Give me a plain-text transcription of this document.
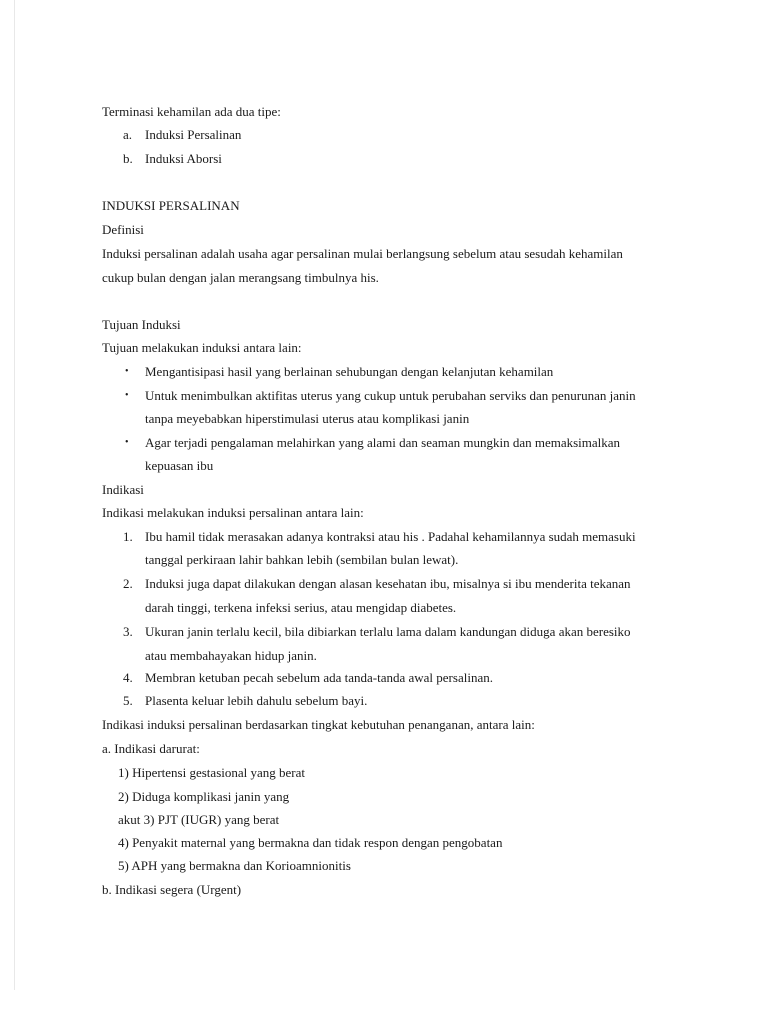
Terminasi kehamilan ada dua tipe:
a. Induksi Persalinan
b. Induksi Aborsi
INDUKSI PERSALINAN
Definisi
Induksi persalinan adalah usaha agar persalinan mulai berlangsung sebelum atau sesudah kehamilan
cukup bulan dengan jalan merangsang timbulnya his.
Tujuan Induksi
Tujuan melakukan induksi antara lain:
• Mengantisipasi hasil yang berlainan sehubungan dengan kelanjutan kehamilan
• Untuk menimbulkan aktifitas uterus yang cukup untuk perubahan serviks dan penurunan janin
tanpa meyebabkan hiperstimulasi uterus atau komplikasi janin
• Agar terjadi pengalaman melahirkan yang alami dan seaman mungkin dan memaksimalkan
kepuasan ibu
Indikasi
Indikasi melakukan induksi persalinan antara lain:
1. Ibu hamil tidak merasakan adanya kontraksi atau his . Padahal kehamilannya sudah memasuki
tanggal perkiraan lahir bahkan lebih (sembilan bulan lewat).
2. Induksi juga dapat dilakukan dengan alasan kesehatan ibu, misalnya si ibu menderita tekanan
darah tinggi, terkena infeksi serius, atau mengidap diabetes.
3. Ukuran janin terlalu kecil, bila dibiarkan terlalu lama dalam kandungan diduga akan beresiko
atau membahayakan hidup janin.
4. Membran ketuban pecah sebelum ada tanda-tanda awal persalinan.
5. Plasenta keluar lebih dahulu sebelum bayi.
Indikasi induksi persalinan berdasarkan tingkat kebutuhan penanganan, antara lain:
a. Indikasi darurat:
1) Hipertensi gestasional yang berat
2) Diduga komplikasi janin yang
akut 3) PJT (IUGR) yang berat
4) Penyakit maternal yang bermakna dan tidak respon dengan pengobatan
5) APH yang bermakna dan Korioamnionitis
b. Indikasi segera (Urgent)
